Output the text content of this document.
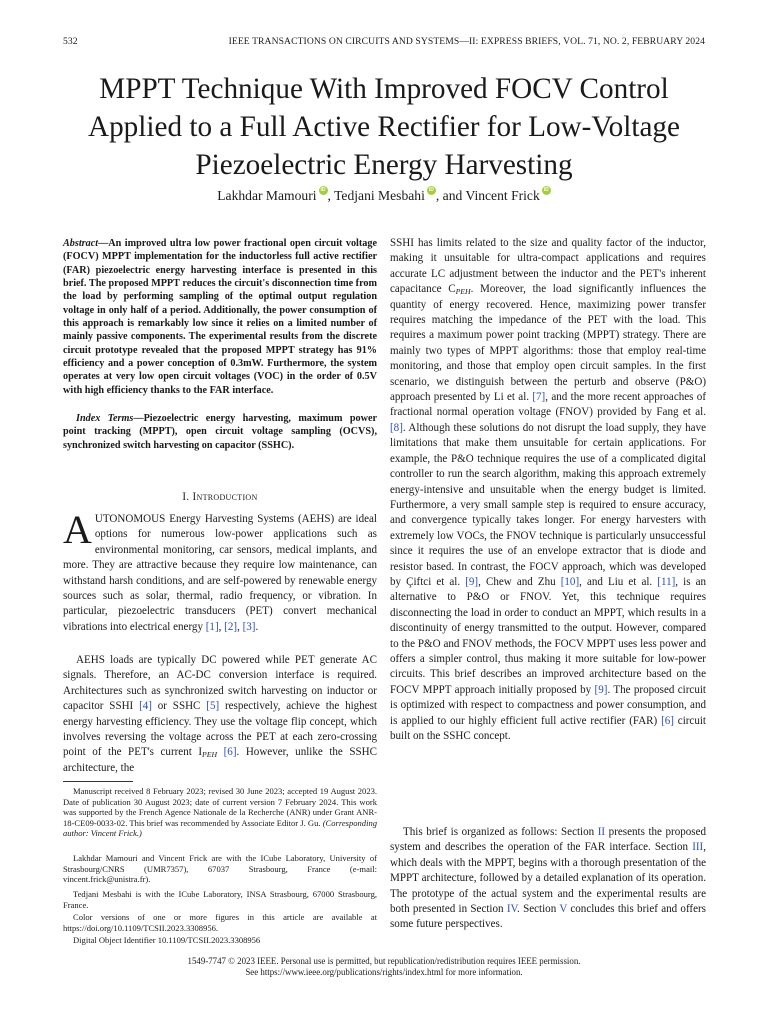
532	IEEE TRANSACTIONS ON CIRCUITS AND SYSTEMS—II: EXPRESS BRIEFS, VOL. 71, NO. 2, FEBRUARY 2024
MPPT Technique With Improved FOCV Control
Applied to a Full Active Rectifier for Low-Voltage
Piezoelectric Energy Harvesting
Lakhdar Mamouri iD , Tedjani Mesbahi iD , and Vincent FrickiD
Abstract—An improved ultra low power fractional open circuit voltage (FOCV) MPPT implementation for the inductorless full active rectifier (FAR) piezoelectric energy harvesting interface is presented in this brief. The proposed MPPT reduces the circuit's disconnection time from the load by performing sampling of the optimal output regulation voltage in only half of a period. Additionally, the power consumption of this approach is remarkably low since it relies on a limited number of mainly passive components. The experimental results from the discrete circuit prototype revealed that the proposed MPPT strategy has 91% efficiency and a power conception of 0.3mW. Furthermore, the system operates at very low open circuit voltages (VOC) in the order of 0.5V with high efficiency thanks to the FAR interface.
Index Terms—Piezoelectric energy harvesting, maximum power point tracking (MPPT), open circuit voltage sampling (OCVS), synchronized switch harvesting on capacitor (SSHC).
I. Introduction
AUTONOMOUS Energy Harvesting Systems (AEHS) are ideal options for numerous low-power applications such as environmental monitoring, car sensors, medical implants, and more. They are attractive because they require low maintenance, can withstand harsh conditions, and are self-powered by renewable energy sources such as solar, thermal, radio frequency, or vibration. In particular, piezoelectric transducers (PET) convert mechanical vibrations into electrical energy [1], [2], [3].
AEHS loads are typically DC powered while PET generate AC signals. Therefore, an AC-DC conversion interface is required. Architectures such as synchronized switch harvesting on inductor or capacitor SSHI [4] or SSHC [5] respectively, achieve the highest energy harvesting efficiency. They use the voltage flip concept, which involves reversing the voltage across the PET at each zero-crossing point of the PET's current $I_{PEH}$ [6]. However, unlike the SSHC architecture, the
Manuscript received 8 February 2023; revised 30 June 2023; accepted 19 August 2023. Date of publication 30 August 2023; date of current version 7 February 2024. This work was supported by the French Agence Nationale de la Recherche (ANR) under Grant ANR-18-CE09-0033-02. This brief was recommended by Associate Editor J. Gu. (Corresponding author: Vincent Frick.)
Lakhdar Mamouri and Vincent Frick are with the ICube Laboratory, University of Strasbourg/CNRS (UMR7357), 67037 Strasbourg, France (e-mail: vincent.frick@unistra.fr).
Tedjani Mesbahi is with the ICube Laboratory, INSA Strasbourg, 67000 Strasbourg, France.
Color versions of one or more figures in this article are available at https://doi.org/10.1109/TCSII.2023.3308956.
Digital Object Identifier 10.1109/TCSII.2023.3308956
SSHI has limits related to the size and quality factor of the inductor, making it unsuitable for ultra-compact applications and requires accurate LC adjustment between the inductor and the PET's inherent capacitance $C_{PEH}$. Moreover, the load significantly influences the quantity of energy recovered. Hence, maximizing power transfer requires matching the impedance of the PET with the load. This requires a maximum power point tracking (MPPT) strategy. There are mainly two types of MPPT algorithms: those that employ real-time monitoring, and those that employ open circuit samples. In the first scenario, we distinguish between the perturb and observe (P&O) approach presented by Li et al. [7], and the more recent approaches of fractional normal operation voltage (FNOV) provided by Fang et al. [8]. Although these solutions do not disrupt the load supply, they have limitations that make them unsuitable for certain applications. For example, the P&O technique requires the use of a complicated digital controller to run the search algorithm, making this approach extremely energy-intensive and unsuitable when the energy budget is limited. Furthermore, a very small sample step is required to ensure accuracy, and convergence typically takes longer. For energy harvesters with extremely low VOCs, the FNOV technique is particularly unsuccessful since it requires the use of an envelope extractor that is diode and resistor based. In contrast, the FOCV approach, which was developed by Çiftci et al. [9], Chew and Zhu [10], and Liu et al. [11], is an alternative to P&O or FNOV. Yet, this technique requires disconnecting the load in order to conduct an MPPT, which results in a discontinuity of energy transmitted to the output. However, compared to the P&O and FNOV methods, the FOCV MPPT uses less power and offers a simpler control, thus making it more suitable for low-power circuits. This brief describes an improved architecture based on the FOCV MPPT approach initially proposed by [9]. The proposed circuit is optimized with respect to compactness and power consumption, and is applied to our highly efficient full active rectifier (FAR) [6] circuit built on the SSHC concept.
This brief is organized as follows: Section II presents the proposed system and describes the operation of the FAR interface. Section III, which deals with the MPPT, begins with a thorough presentation of the MPPT architecture, followed by a detailed explanation of its operation. The prototype of the actual system and the experimental results are both presented in Section IV. Section V concludes this brief and offers some future perspectives.
1549-7747 © 2023 IEEE. Personal use is permitted, but republication/redistribution requires IEEE permission.
See https://www.ieee.org/publications/rights/index.html for more information.
